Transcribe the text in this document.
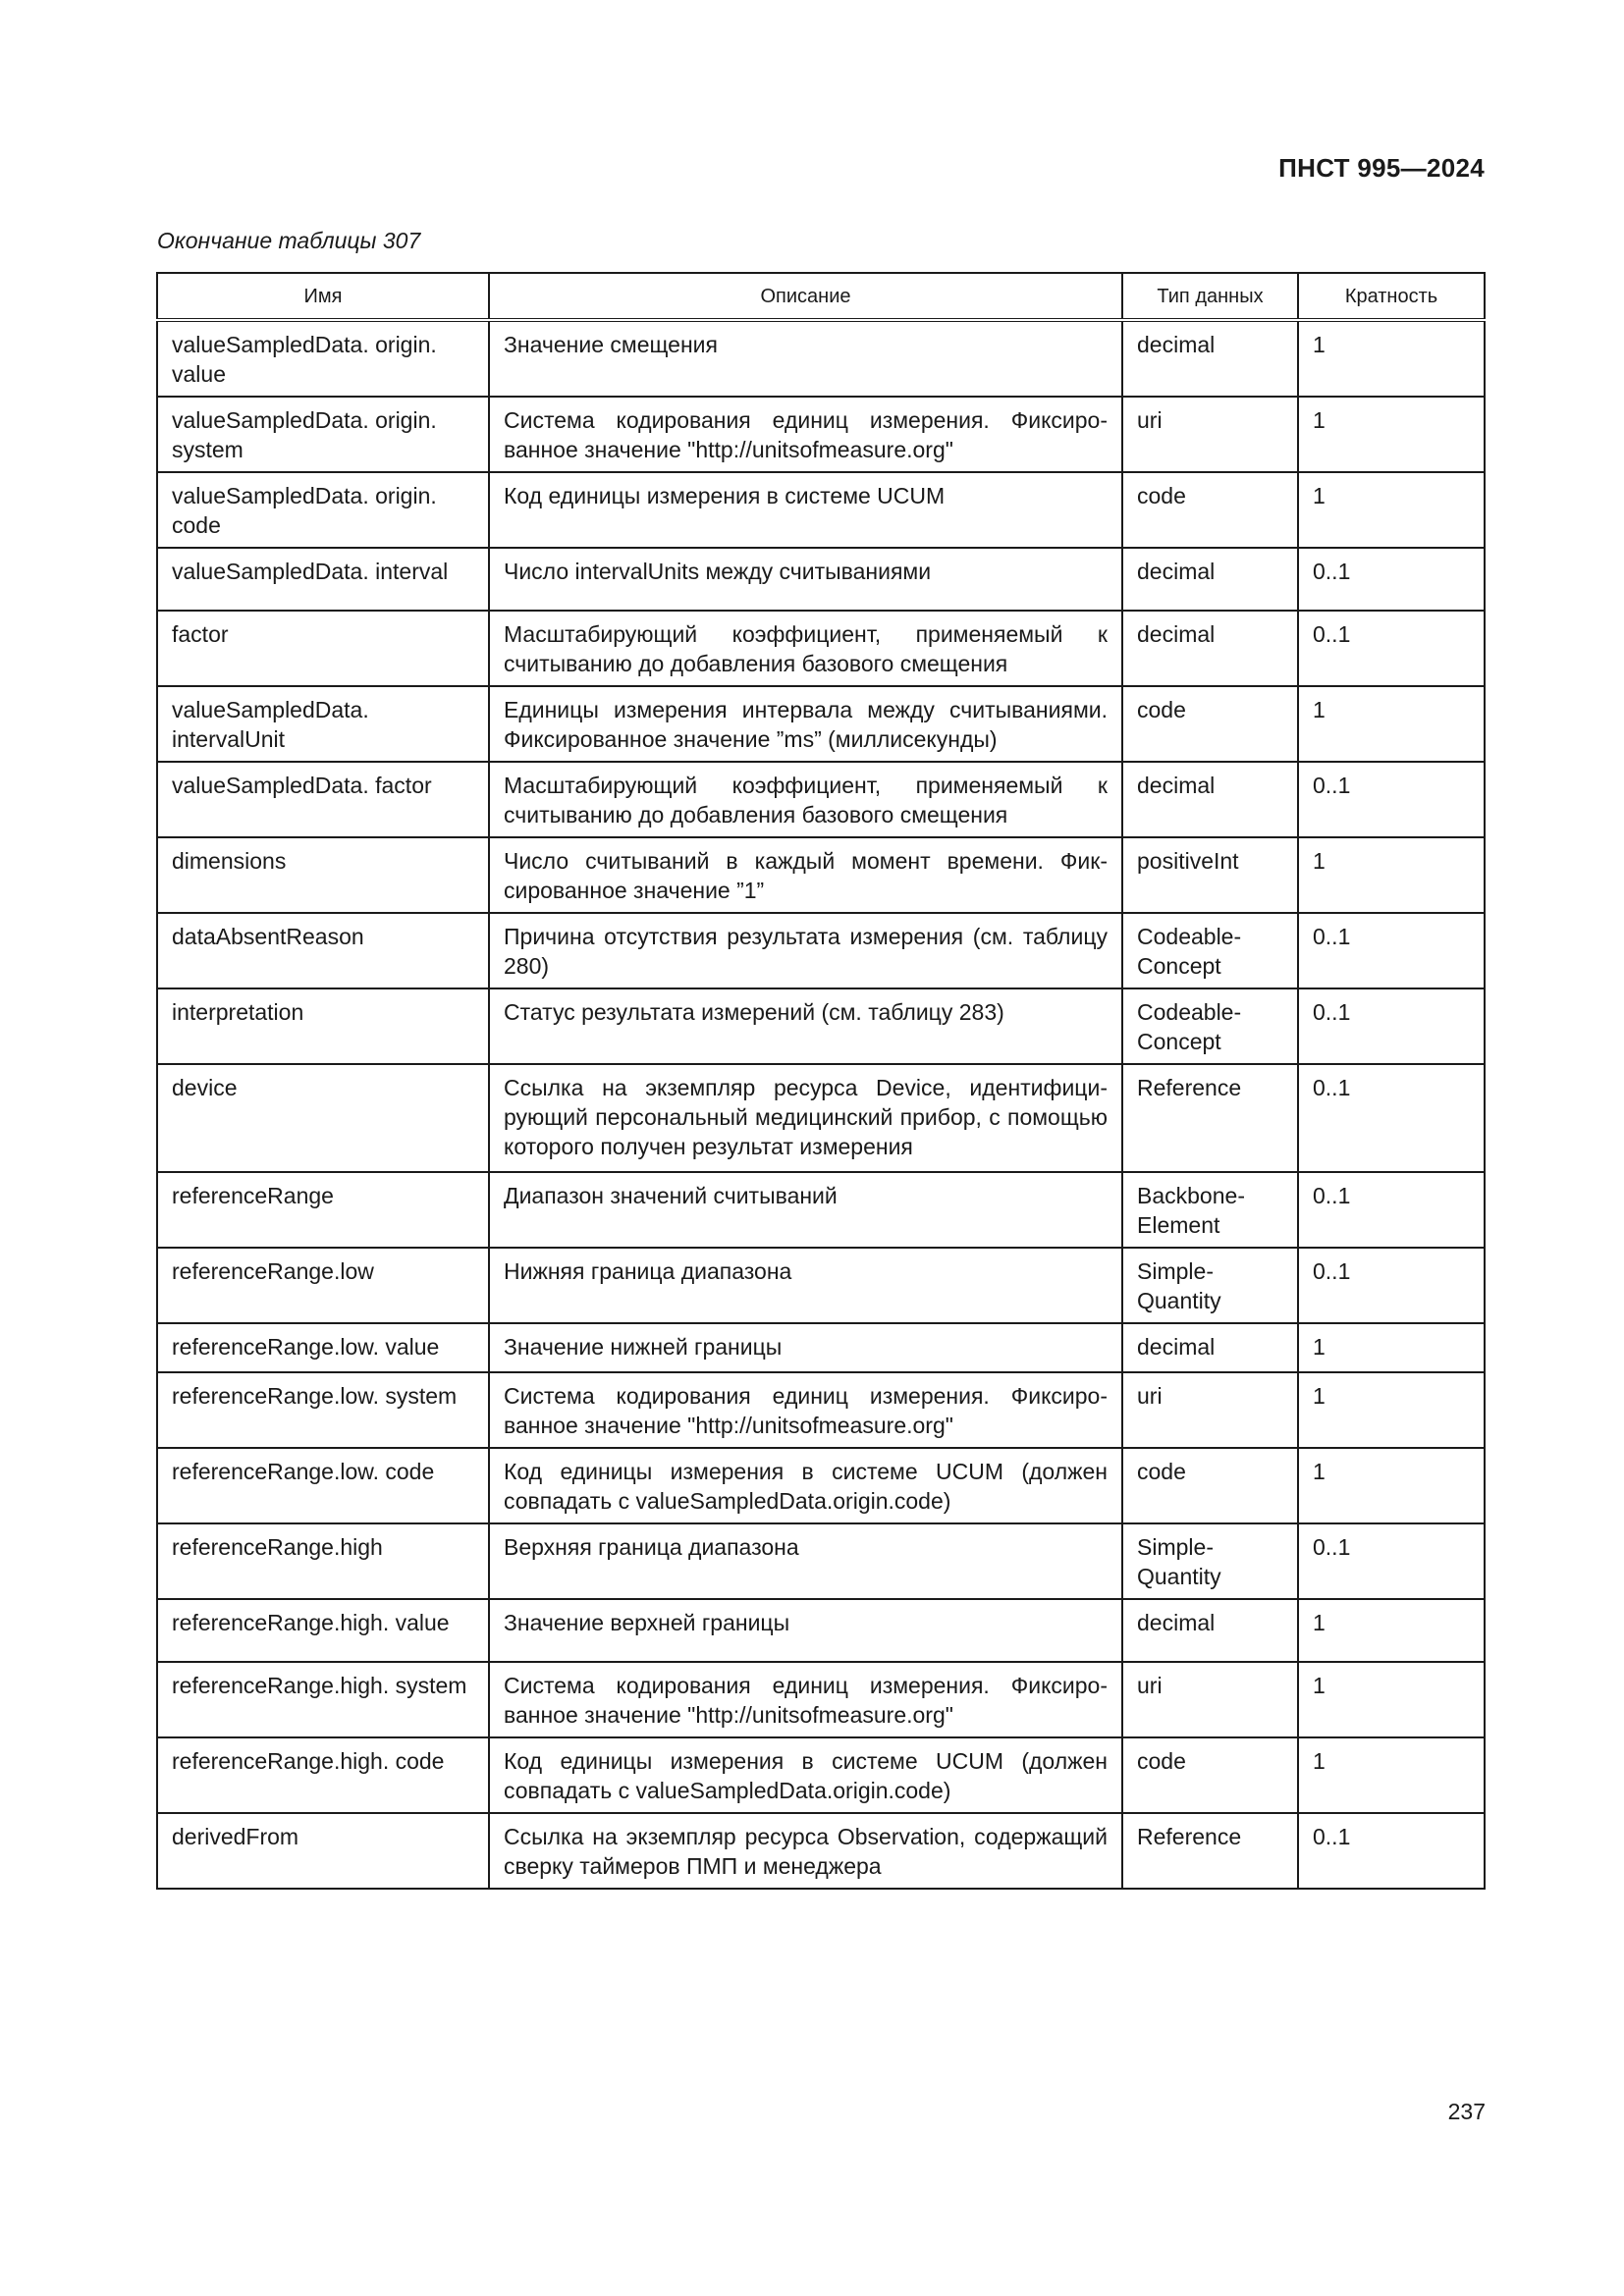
ПНСТ 995—2024
Окончание таблицы 307
Имя	Описание	Тип данных	Кратность
valueSampledData. origin. value	Значение смещения	decimal	1
valueSampledData. origin. system	Система кодирования единиц измерения. Фиксированное значение "http://unitsofmeasure.org"	uri	1
valueSampledData. origin. code	Код единицы измерения в системе UCUM	code	1
valueSampledData. interval	Число intervalUnits между считываниями	decimal	0..1
factor	Масштабирующий коэффициент, применяемый к считыванию до добавления базового смещения	decimal	0..1
valueSampledData. intervalUnit	Единицы измерения интервала между считываниями. Фиксированное значение ”ms” (миллисекунды)	code	1
valueSampledData. factor	Масштабирующий коэффициент, применяемый к считыванию до добавления базового смещения	decimal	0..1
dimensions	Число считываний в каждый момент времени. Фиксированное значение ”1”	positiveInt	1
dataAbsentReason	Причина отсутствия результата измерения (см. таблицу 280)	CodeableConcept	0..1
interpretation	Статус результата измерений (см. таблицу 283)	CodeableConcept	0..1
device	Ссылка на экземпляр ресурса Device, идентифицирующий персональный медицинский прибор, с помощью которого получен результат измерения	Reference	0..1
referenceRange	Диапазон значений считываний	BackboneElement	0..1
referenceRange.low	Нижняя граница диапазона	SimpleQuantity	0..1
referenceRange.low. value	Значение нижней границы	decimal	1
referenceRange.low. system	Система кодирования единиц измерения. Фиксированное значение "http://unitsofmeasure.org"	uri	1
referenceRange.low. code	Код единицы измерения в системе UCUM (должен совпадать с valueSampledData.origin.code)	code	1
referenceRange.high	Верхняя граница диапазона	SimpleQuantity	0..1
referenceRange.high. value	Значение верхней границы	decimal	1
referenceRange.high. system	Система кодирования единиц измерения. Фиксированное значение "http://unitsofmeasure.org"	uri	1
referenceRange.high. code	Код единицы измерения в системе UCUM (должен совпадать с valueSampledData.origin.code)	code	1
derivedFrom	Ссылка на экземпляр ресурса Observation, содержащий сверку таймеров ПМП и менеджера	Reference	0..1
237
